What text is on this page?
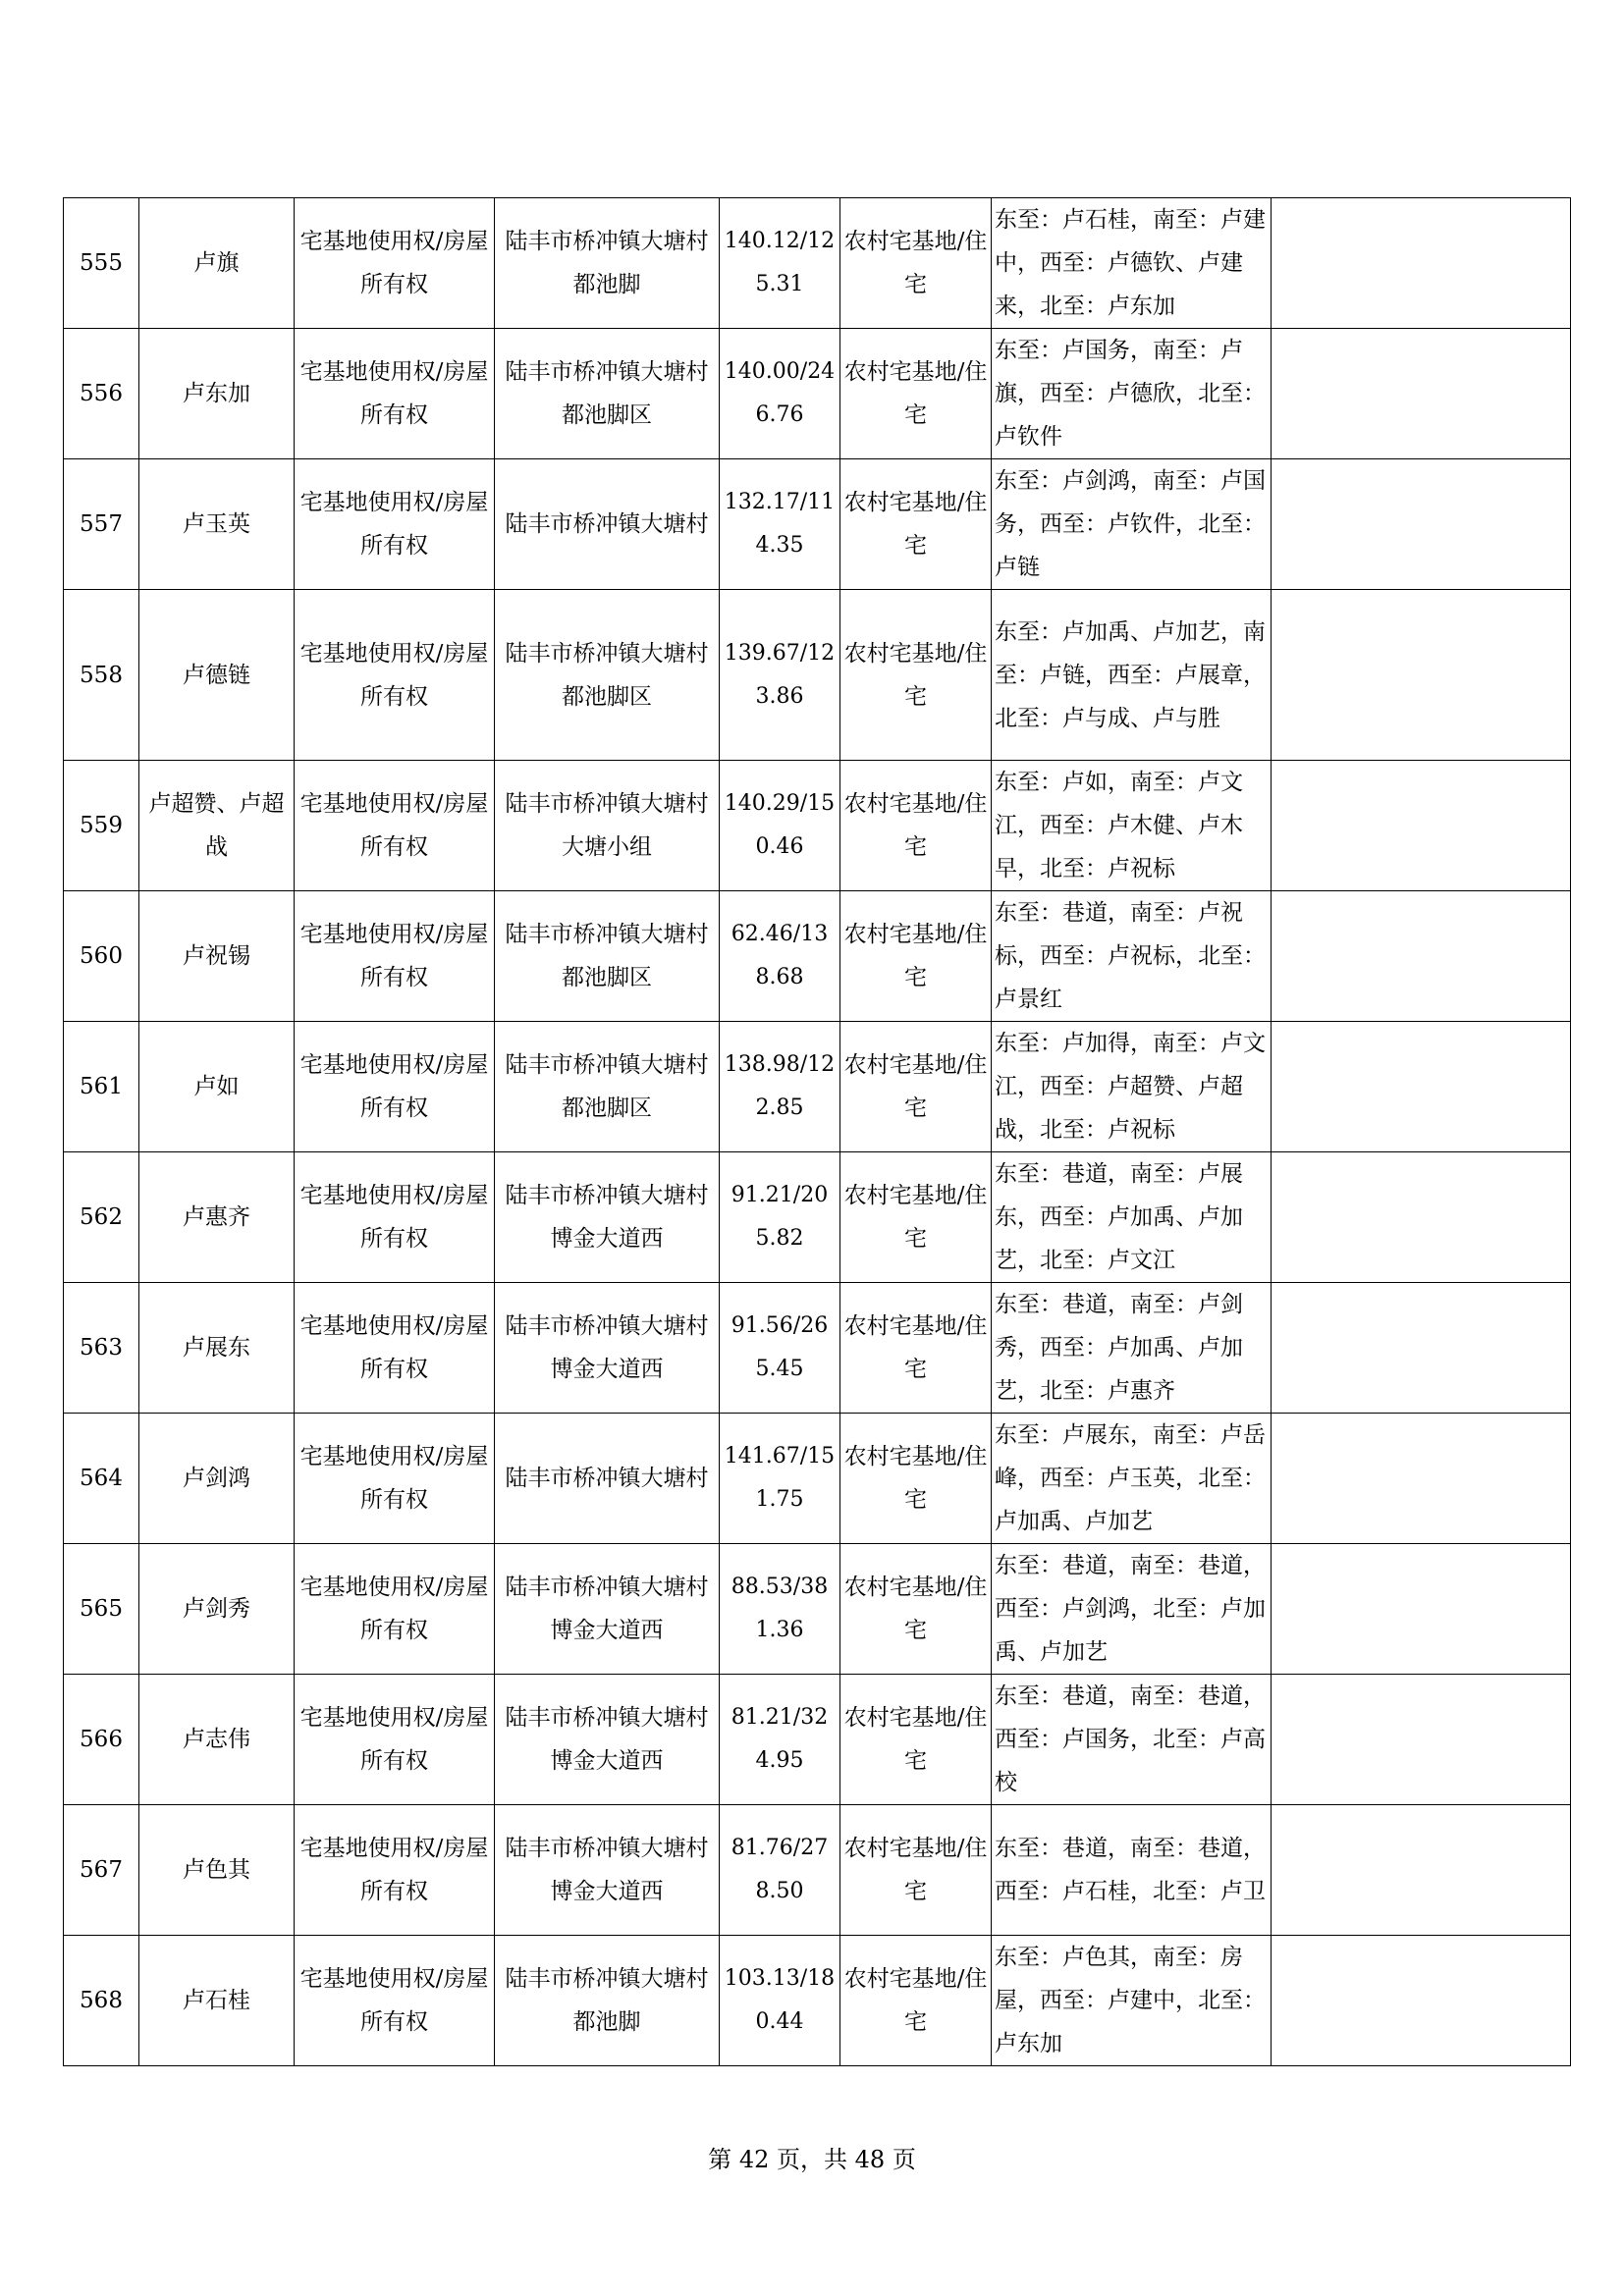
555	卢旗	宅基地使用权/房屋所有权	陆丰市桥冲镇大塘村都池脚	140.12/125.31	农村宅基地/住宅	东至：卢石桂，南至：卢建中，西至：卢德钦、卢建来，北至：卢东加	
556	卢东加	宅基地使用权/房屋所有权	陆丰市桥冲镇大塘村都池脚区	140.00/246.76	农村宅基地/住宅	东至：卢国务，南至：卢旗，西至：卢德欣，北至：卢钦件	
557	卢玉英	宅基地使用权/房屋所有权	陆丰市桥冲镇大塘村	132.17/114.35	农村宅基地/住宅	东至：卢剑鸿，南至：卢国务，西至：卢钦件，北至：卢链	
558	卢德链	宅基地使用权/房屋所有权	陆丰市桥冲镇大塘村都池脚区	139.67/123.86	农村宅基地/住宅	东至：卢加禹、卢加艺，南至：卢链，西至：卢展章，北至：卢与成、卢与胜	
559	卢超赞、卢超战	宅基地使用权/房屋所有权	陆丰市桥冲镇大塘村大塘小组	140.29/150.46	农村宅基地/住宅	东至：卢如，南至：卢文江，西至：卢木健、卢木早，北至：卢祝标	
560	卢祝锡	宅基地使用权/房屋所有权	陆丰市桥冲镇大塘村都池脚区	62.46/138.68	农村宅基地/住宅	东至：巷道，南至：卢祝标，西至：卢祝标，北至：卢景红	
561	卢如	宅基地使用权/房屋所有权	陆丰市桥冲镇大塘村都池脚区	138.98/122.85	农村宅基地/住宅	东至：卢加得，南至：卢文江，西至：卢超赞、卢超战，北至：卢祝标	
562	卢惠齐	宅基地使用权/房屋所有权	陆丰市桥冲镇大塘村博金大道西	91.21/205.82	农村宅基地/住宅	东至：巷道，南至：卢展东，西至：卢加禹、卢加艺，北至：卢文江	
563	卢展东	宅基地使用权/房屋所有权	陆丰市桥冲镇大塘村博金大道西	91.56/265.45	农村宅基地/住宅	东至：巷道，南至：卢剑秀，西至：卢加禹、卢加艺，北至：卢惠齐	
564	卢剑鸿	宅基地使用权/房屋所有权	陆丰市桥冲镇大塘村	141.67/151.75	农村宅基地/住宅	东至：卢展东，南至：卢岳峰，西至：卢玉英，北至：卢加禹、卢加艺	
565	卢剑秀	宅基地使用权/房屋所有权	陆丰市桥冲镇大塘村博金大道西	88.53/381.36	农村宅基地/住宅	东至：巷道，南至：巷道，西至：卢剑鸿，北至：卢加禹、卢加艺	
566	卢志伟	宅基地使用权/房屋所有权	陆丰市桥冲镇大塘村博金大道西	81.21/324.95	农村宅基地/住宅	东至：巷道，南至：巷道，西至：卢国务，北至：卢高校	
567	卢色其	宅基地使用权/房屋所有权	陆丰市桥冲镇大塘村博金大道西	81.76/278.50	农村宅基地/住宅	东至：巷道，南至：巷道，西至：卢石桂，北至：卢卫	
568	卢石桂	宅基地使用权/房屋所有权	陆丰市桥冲镇大塘村都池脚	103.13/180.44	农村宅基地/住宅	东至：卢色其，南至：房屋，西至：卢建中，北至：卢东加	
第 42 页，共 48 页
